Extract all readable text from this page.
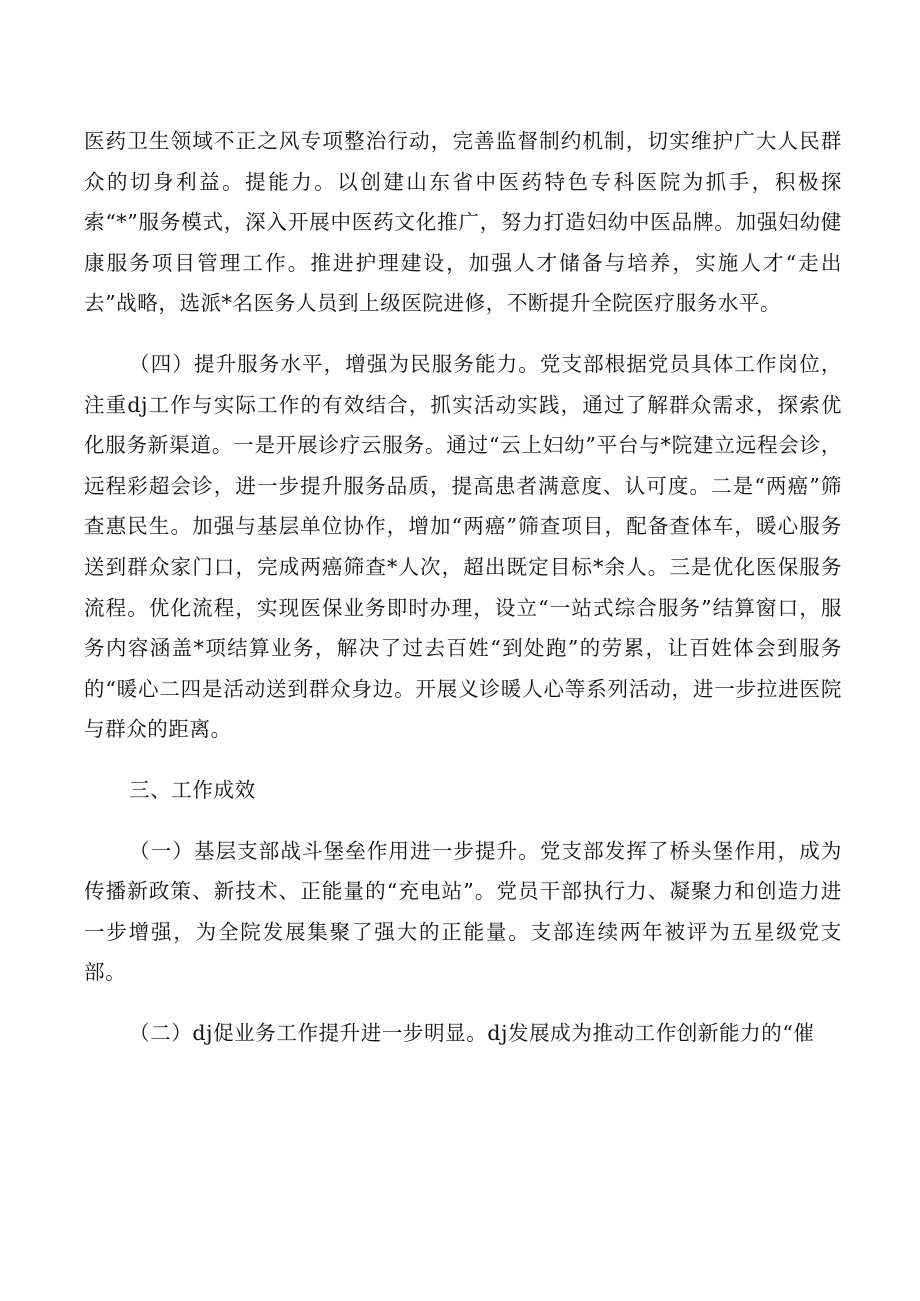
医药卫生领域不正之风专项整治行动，完善监督制约机制，切实维护广大人民群众的切身利益。提能力。以创建山东省中医药特色专科医院为抓手，积极探索“*”服务模式，深入开展中医药文化推广，努力打造妇幼中医品牌。加强妇幼健康服务项目管理工作。推进护理建设，加强人才储备与培养，实施人才“走出去”战略，选派*名医务人员到上级医院进修，不断提升全院医疗服务水平。

（四）提升服务水平，增强为民服务能力。党支部根据党员具体工作岗位，注重dj工作与实际工作的有效结合，抓实活动实践，通过了解群众需求，探索优化服务新渠道。一是开展诊疗云服务。通过“云上妇幼”平台与*院建立远程会诊，远程彩超会诊，进一步提升服务品质，提高患者满意度、认可度。二是“两癌”筛查惠民生。加强与基层单位协作，增加“两癌”筛查项目，配备查体车，暖心服务送到群众家门口，完成两癌筛查*人次，超出既定目标*余人。三是优化医保服务流程。优化流程，实现医保业务即时办理，设立“一站式综合服务”结算窗口，服务内容涵盖*项结算业务，解决了过去百姓“到处跑”的劳累，让百姓体会到服务的“暖心二四是活动送到群众身边。开展义诊暖人心等系列活动，进一步拉进医院与群众的距离。

三、工作成效

（一）基层支部战斗堡垒作用进一步提升。党支部发挥了桥头堡作用，成为传播新政策、新技术、正能量的“充电站”。党员干部执行力、凝聚力和创造力进一步增强，为全院发展集聚了强大的正能量。支部连续两年被评为五星级党支部。

（二）dj促业务工作提升进一步明显。dj发展成为推动工作创新能力的“催
